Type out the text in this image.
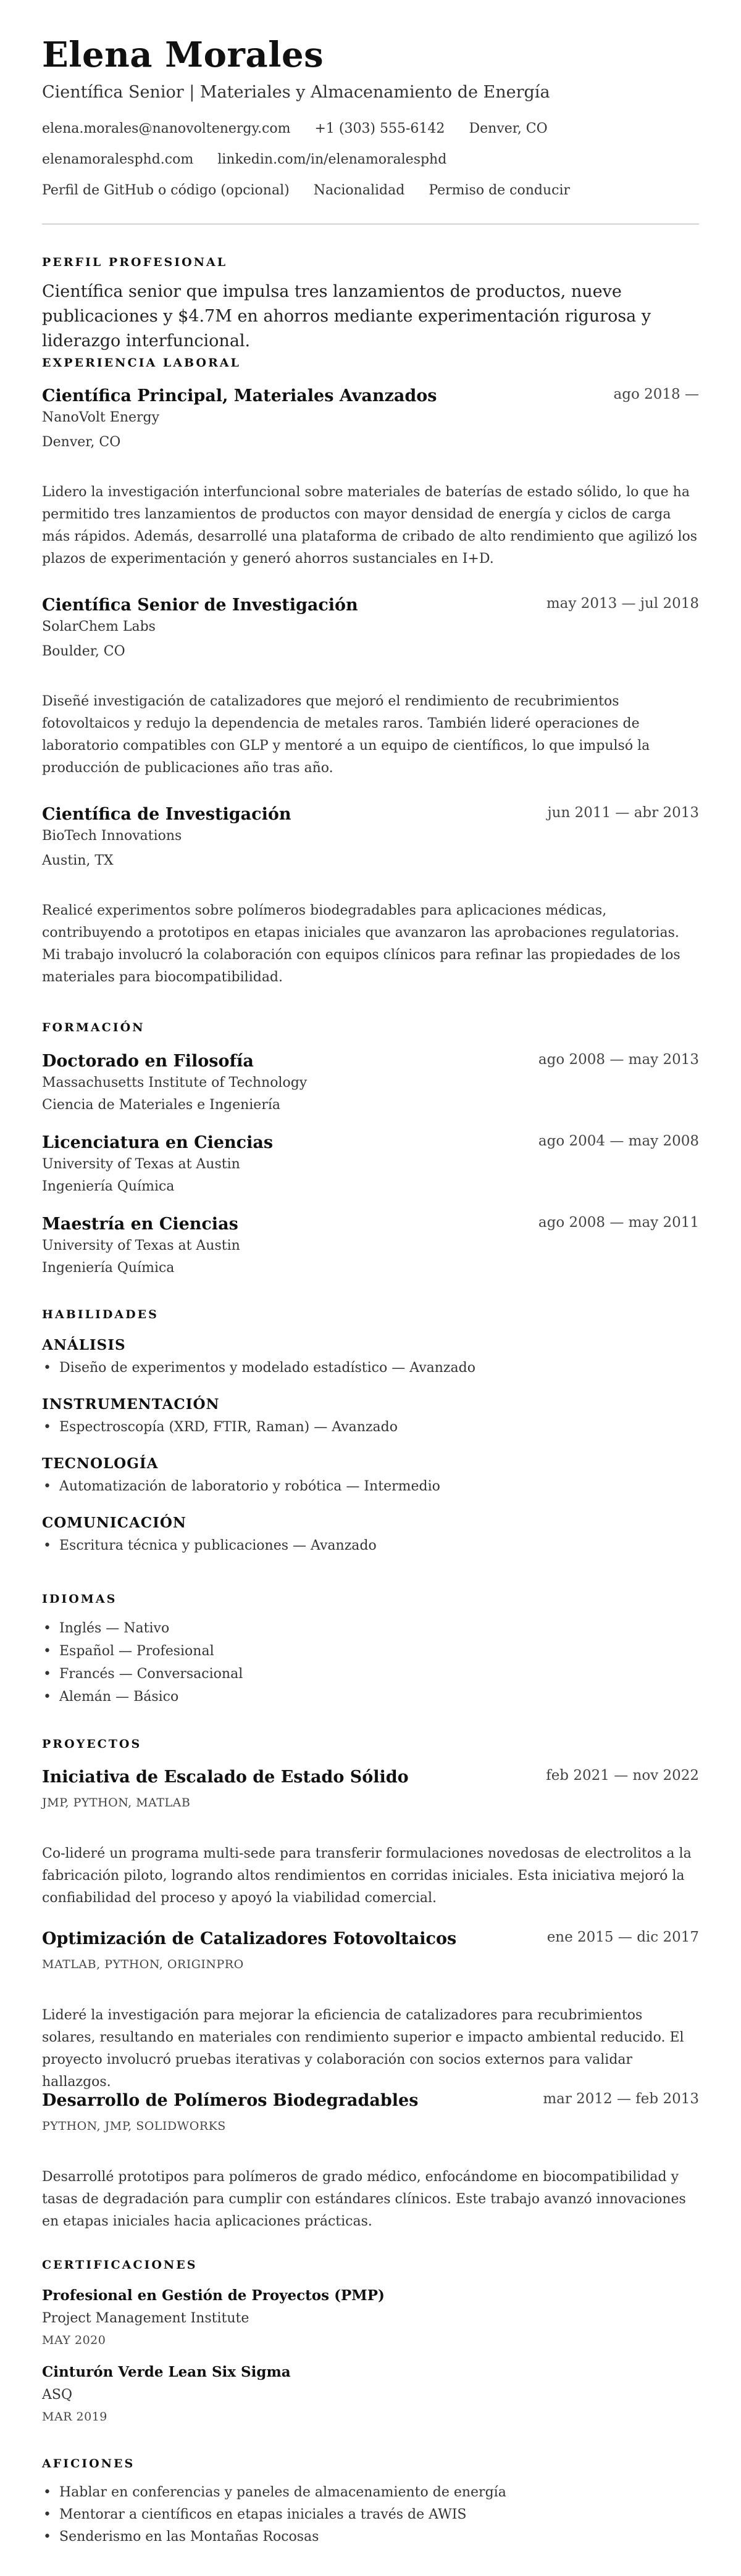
Elena Morales
Científica Senior | Materiales y Almacenamiento de Energía
elena.morales@nanovoltenergy.com +1 (303) 555-6142 Denver, CO
elenamoralesphd.com linkedin.com/in/elenamoralesphd
Perfil de GitHub o código (opcional) Nacionalidad Permiso de conducir
PERFIL PROFESIONAL
Científica senior que impulsa tres lanzamientos de productos, nueve publicaciones y $4.7M en ahorros mediante experimentación rigurosa y liderazgo interfuncional.
EXPERIENCIA LABORAL
Científica Principal, Materiales Avanzados	ago 2018 —
NanoVolt Energy
Denver, CO
Lidero la investigación interfuncional sobre materiales de baterías de estado sólido, lo que ha permitido tres lanzamientos de productos con mayor densidad de energía y ciclos de carga más rápidos. Además, desarrollé una plataforma de cribado de alto rendimiento que agilizó los plazos de experimentación y generó ahorros sustanciales en I+D.
Científica Senior de Investigación	may 2013 — jul 2018
SolarChem Labs
Boulder, CO
Diseñé investigación de catalizadores que mejoró el rendimiento de recubrimientos fotovoltaicos y redujo la dependencia de metales raros. También lideré operaciones de laboratorio compatibles con GLP y mentoré a un equipo de científicos, lo que impulsó la producción de publicaciones año tras año.
Científica de Investigación	jun 2011 — abr 2013
BioTech Innovations
Austin, TX
Realicé experimentos sobre polímeros biodegradables para aplicaciones médicas, contribuyendo a prototipos en etapas iniciales que avanzaron las aprobaciones regulatorias. Mi trabajo involucró la colaboración con equipos clínicos para refinar las propiedades de los materiales para biocompatibilidad.
FORMACIÓN
Doctorado en Filosofía	ago 2008 — may 2013
Massachusetts Institute of Technology
Ciencia de Materiales e Ingeniería
Licenciatura en Ciencias	ago 2004 — may 2008
University of Texas at Austin
Ingeniería Química
Maestría en Ciencias	ago 2008 — may 2011
University of Texas at Austin
Ingeniería Química
HABILIDADES
ANÁLISIS
• Diseño de experimentos y modelado estadístico — Avanzado
INSTRUMENTACIÓN
• Espectroscopía (XRD, FTIR, Raman) — Avanzado
TECNOLOGÍA
• Automatización de laboratorio y robótica — Intermedio
COMUNICACIÓN
• Escritura técnica y publicaciones — Avanzado
IDIOMAS
• Inglés — Nativo
• Español — Profesional
• Francés — Conversacional
• Alemán — Básico
PROYECTOS
Iniciativa de Escalado de Estado Sólido	feb 2021 — nov 2022
JMP, PYTHON, MATLAB
Co-lideré un programa multi-sede para transferir formulaciones novedosas de electrolitos a la fabricación piloto, logrando altos rendimientos en corridas iniciales. Esta iniciativa mejoró la confiabilidad del proceso y apoyó la viabilidad comercial.
Optimización de Catalizadores Fotovoltaicos	ene 2015 — dic 2017
MATLAB, PYTHON, ORIGINPRO
Lideré la investigación para mejorar la eficiencia de catalizadores para recubrimientos solares, resultando en materiales con rendimiento superior e impacto ambiental reducido. El proyecto involucró pruebas iterativas y colaboración con socios externos para validar hallazgos.
Desarrollo de Polímeros Biodegradables	mar 2012 — feb 2013
PYTHON, JMP, SOLIDWORKS
Desarrollé prototipos para polímeros de grado médico, enfocándome en biocompatibilidad y tasas de degradación para cumplir con estándares clínicos. Este trabajo avanzó innovaciones en etapas iniciales hacia aplicaciones prácticas.
CERTIFICACIONES
Profesional en Gestión de Proyectos (PMP)
Project Management Institute
MAY 2020
Cinturón Verde Lean Six Sigma
ASQ
MAR 2019
AFICIONES
• Hablar en conferencias y paneles de almacenamiento de energía
• Mentorar a científicos en etapas iniciales a través de AWIS
• Senderismo en las Montañas Rocosas
